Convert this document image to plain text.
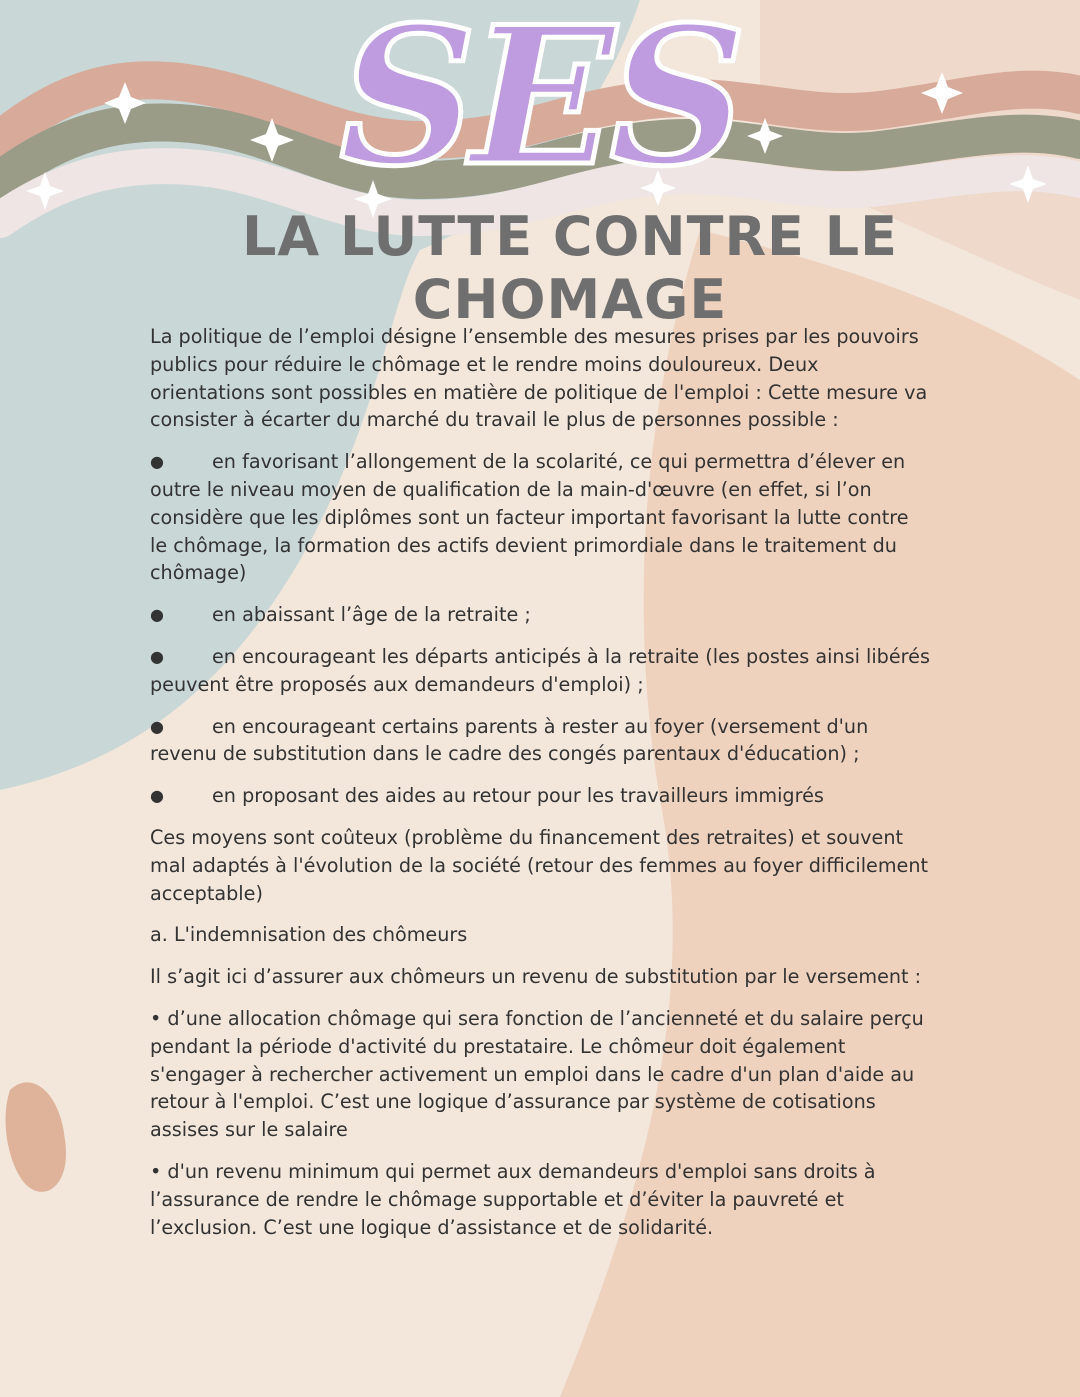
SES
LA LUTTE CONTRE LE CHOMAGE

La politique de l’emploi désigne l’ensemble des mesures prises par les pouvoirs publics pour réduire le chômage et le rendre moins douloureux. Deux orientations sont possibles en matière de politique de l'emploi : Cette mesure va consister à écarter du marché du travail le plus de personnes possible :

●	en favorisant l’allongement de la scolarité, ce qui permettra d’élever en outre le niveau moyen de qualification de la main-d'œuvre (en effet, si l’on considère que les diplômes sont un facteur important favorisant la lutte contre le chômage, la formation des actifs devient primordiale dans le traitement du chômage)
●	en abaissant l’âge de la retraite ;
●	en encourageant les départs anticipés à la retraite (les postes ainsi libérés peuvent être proposés aux demandeurs d'emploi) ;
●	en encourageant certains parents à rester au foyer (versement d'un revenu de substitution dans le cadre des congés parentaux d'éducation) ;
●	en proposant des aides au retour pour les travailleurs immigrés

Ces moyens sont coûteux (problème du financement des retraites) et souvent mal adaptés à l'évolution de la société (retour des femmes au foyer difficilement acceptable)

a. L'indemnisation des chômeurs

Il s’agit ici d’assurer aux chômeurs un revenu de substitution par le versement :

• d’une allocation chômage qui sera fonction de l’ancienneté et du salaire perçu pendant la période d'activité du prestataire. Le chômeur doit également s'engager à rechercher activement un emploi dans le cadre d'un plan d'aide au retour à l'emploi. C’est une logique d’assurance par système de cotisations assises sur le salaire

• d'un revenu minimum qui permet aux demandeurs d'emploi sans droits à l’assurance de rendre le chômage supportable et d’éviter la pauvreté et l’exclusion. C’est une logique d’assistance et de solidarité.
